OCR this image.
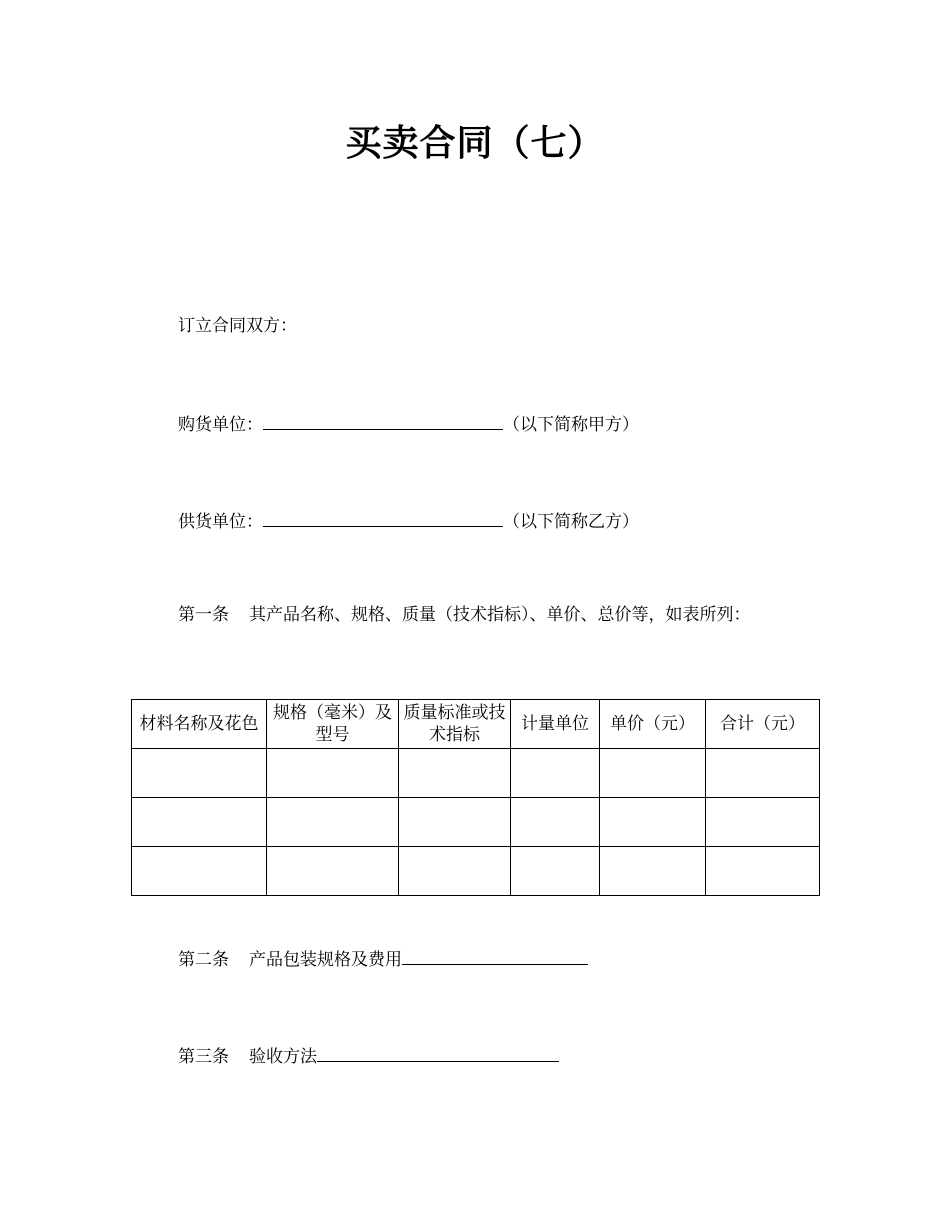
买卖合同（七）
订立合同双方：
购货单位：	（以下简称甲方）
供货单位：	（以下简称乙方）
第一条 其产品名称、规格、质量（技术指标）、单价、总价等，如表所列：
材料名称及花色	规格（毫米）及型号	质量标准或技术指标	计量单位	单价（元）	合计（元）

第二条 产品包装规格及费用
第三条 验收方法
